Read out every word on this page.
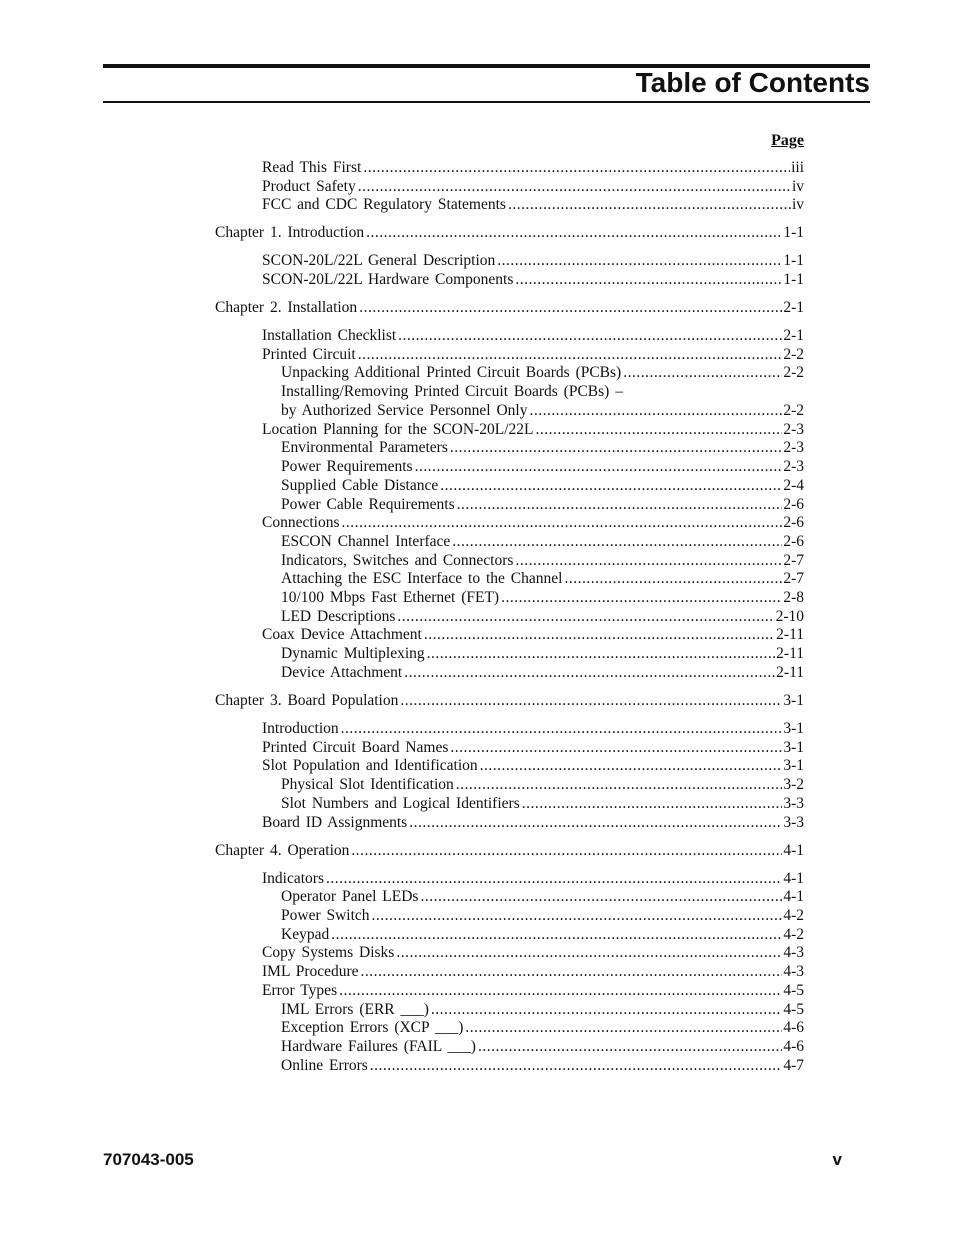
Table of Contents
Page
Read This First .....	iii
Product Safety .....	iv
FCC and CDC Regulatory Statements .....	iv
Chapter 1. Introduction .....	1-1
SCON-20L/22L General Description .....	1-1
SCON-20L/22L Hardware Components .....	1-1
Chapter 2. Installation .....	2-1
Installation Checklist .....	2-1
Printed Circuit .....	2-2
Unpacking Additional Printed Circuit Boards (PCBs) .....	2-2
Installing/Removing Printed Circuit Boards (PCBs) –
by Authorized Service Personnel Only .....	2-2
Location Planning for the SCON-20L/22L .....	2-3
Environmental Parameters .....	2-3
Power Requirements .....	2-3
Supplied Cable Distance .....	2-4
Power Cable Requirements .....	2-6
Connections .....	2-6
ESCON Channel Interface .....	2-6
Indicators, Switches and Connectors .....	2-7
Attaching the ESC Interface to the Channel .....	2-7
10/100 Mbps Fast Ethernet (FET) .....	2-8
LED Descriptions .....	2-10
Coax Device Attachment .....	2-11
Dynamic Multiplexing .....	2-11
Device Attachment .....	2-11
Chapter 3. Board Population .....	3-1
Introduction .....	3-1
Printed Circuit Board Names .....	3-1
Slot Population and Identification .....	3-1
Physical Slot Identification .....	3-2
Slot Numbers and Logical Identifiers .....	3-3
Board ID Assignments .....	3-3
Chapter 4. Operation .....	4-1
Indicators .....	4-1
Operator Panel LEDs .....	4-1
Power Switch .....	4-2
Keypad .....	4-2
Copy Systems Disks .....	4-3
IML Procedure .....	4-3
Error Types .....	4-5
IML Errors (ERR ___) .....	4-5
Exception Errors (XCP ___) .....	4-6
Hardware Failures (FAIL ___) .....	4-6
Online Errors .....	4-7
707043-005	v
